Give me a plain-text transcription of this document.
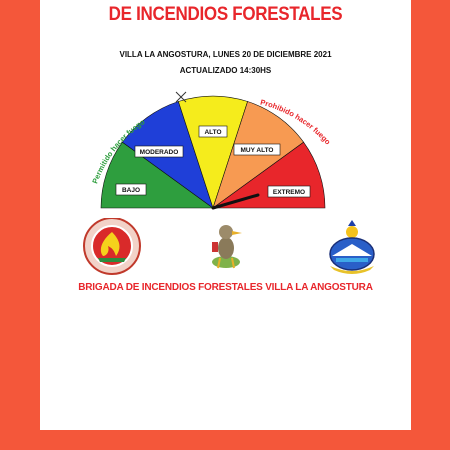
DE INCENDIOS FORESTALES
VILLA LA ANGOSTURA, LUNES 20 DE DICIEMBRE 2021
ACTUALIZADO 14:30HS
Permitido hacer fuego
Prohibido hacer fuego
BAJO
MODERADO
ALTO
MUY ALTO
EXTREMO
BRIGADA DE INCENDIOS FORESTALES VILLA LA ANGOSTURA
